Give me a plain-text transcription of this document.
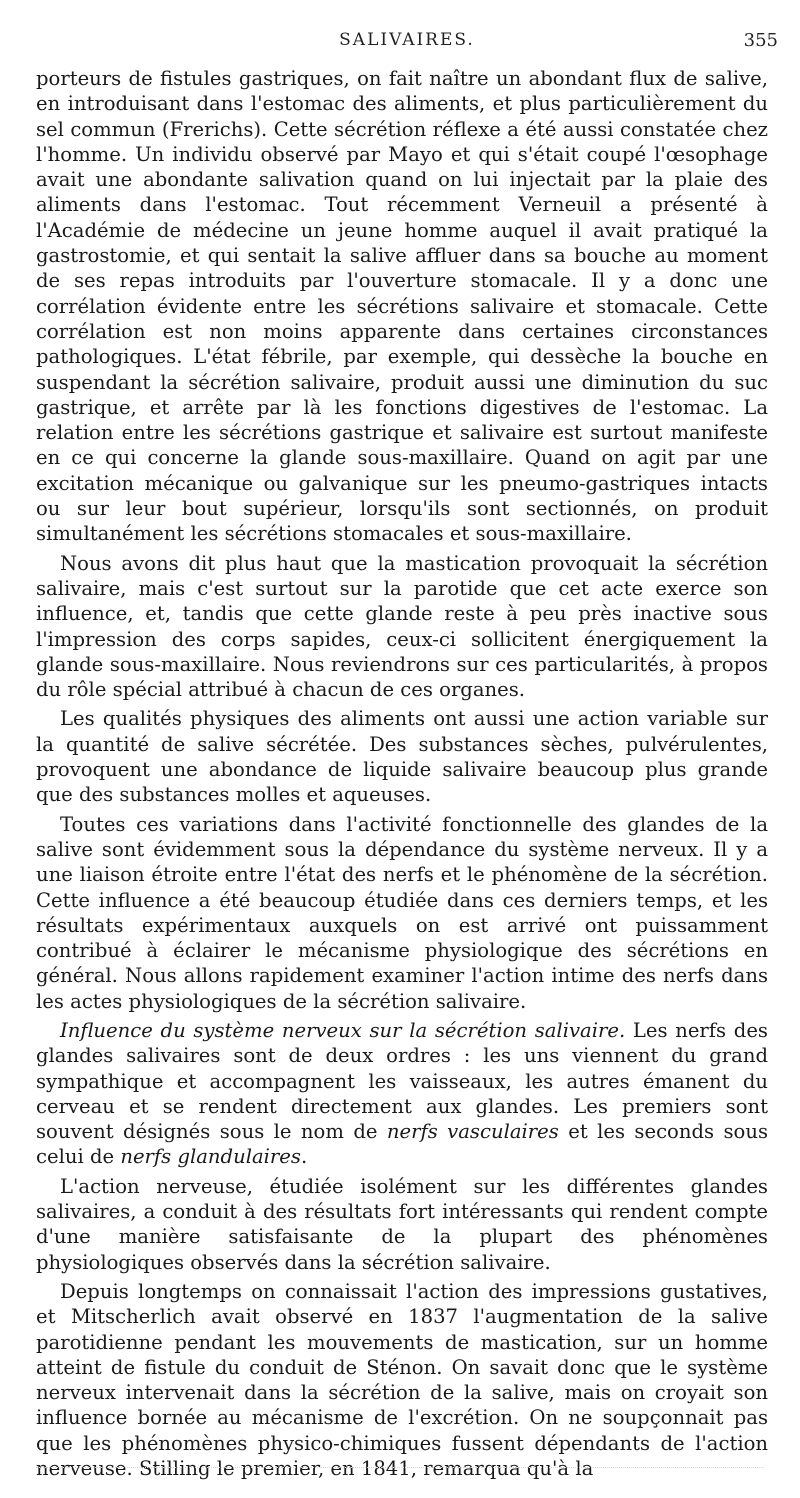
SALIVAIRES.	355

porteurs de fistules gastriques, on fait naître un abondant flux de salive, en introduisant dans l'estomac des aliments, et plus particulièrement du sel commun (Frerichs). Cette sécrétion réflexe a été aussi constatée chez l'homme. Un individu observé par Mayo et qui s'était coupé l'œsophage avait une abondante salivation quand on lui injectait par la plaie des aliments dans l'estomac. Tout récemment Verneuil a présenté à l'Académie de médecine un jeune homme auquel il avait pratiqué la gastrostomie, et qui sentait la salive affluer dans sa bouche au moment de ses repas introduits par l'ouverture stomacale. Il y a donc une corrélation évidente entre les sécrétions salivaire et stomacale. Cette corrélation est non moins apparente dans certaines circonstances pathologiques. L'état fébrile, par exemple, qui dessèche la bouche en suspendant la sécrétion salivaire, produit aussi une diminution du suc gastrique, et arrête par là les fonctions digestives de l'estomac. La relation entre les sécrétions gastrique et salivaire est surtout manifeste en ce qui concerne la glande sous-maxillaire. Quand on agit par une excitation mécanique ou galvanique sur les pneumo-gastriques intacts ou sur leur bout supérieur, lorsqu'ils sont sectionnés, on produit simultanément les sécrétions stomacales et sous-maxillaire.

Nous avons dit plus haut que la mastication provoquait la sécrétion salivaire, mais c'est surtout sur la parotide que cet acte exerce son influence, et, tandis que cette glande reste à peu près inactive sous l'impression des corps sapides, ceux-ci sollicitent énergiquement la glande sous-maxillaire. Nous reviendrons sur ces particularités, à propos du rôle spécial attribué à chacun de ces organes.

Les qualités physiques des aliments ont aussi une action variable sur la quantité de salive sécrétée. Des substances sèches, pulvérulentes, provoquent une abondance de liquide salivaire beaucoup plus grande que des substances molles et aqueuses.

Toutes ces variations dans l'activité fonctionnelle des glandes de la salive sont évidemment sous la dépendance du système nerveux. Il y a une liaison étroite entre l'état des nerfs et le phénomène de la sécrétion. Cette influence a été beaucoup étudiée dans ces derniers temps, et les résultats expérimentaux auxquels on est arrivé ont puissamment contribué à éclairer le mécanisme physiologique des sécrétions en général. Nous allons rapidement examiner l'action intime des nerfs dans les actes physiologiques de la sécrétion salivaire.

Influence du système nerveux sur la sécrétion salivaire. Les nerfs des glandes salivaires sont de deux ordres : les uns viennent du grand sympathique et accompagnent les vaisseaux, les autres émanent du cerveau et se rendent directement aux glandes. Les premiers sont souvent désignés sous le nom de nerfs vasculaires et les seconds sous celui de nerfs glandulaires.

L'action nerveuse, étudiée isolément sur les différentes glandes salivaires, a conduit à des résultats fort intéressants qui rendent compte d'une manière satisfaisante de la plupart des phénomènes physiologiques observés dans la sécrétion salivaire.

Depuis longtemps on connaissait l'action des impressions gustatives, et Mitscherlich avait observé en 1837 l'augmentation de la salive parotidienne pendant les mouvements de mastication, sur un homme atteint de fistule du conduit de Sténon. On savait donc que le système nerveux intervenait dans la sécrétion de la salive, mais on croyait son influence bornée au mécanisme de l'excrétion. On ne soupçonnait pas que les phénomènes physico-chimiques fussent dépendants de l'action nerveuse. Stilling le premier, en 1841, remarqua qu'à la
